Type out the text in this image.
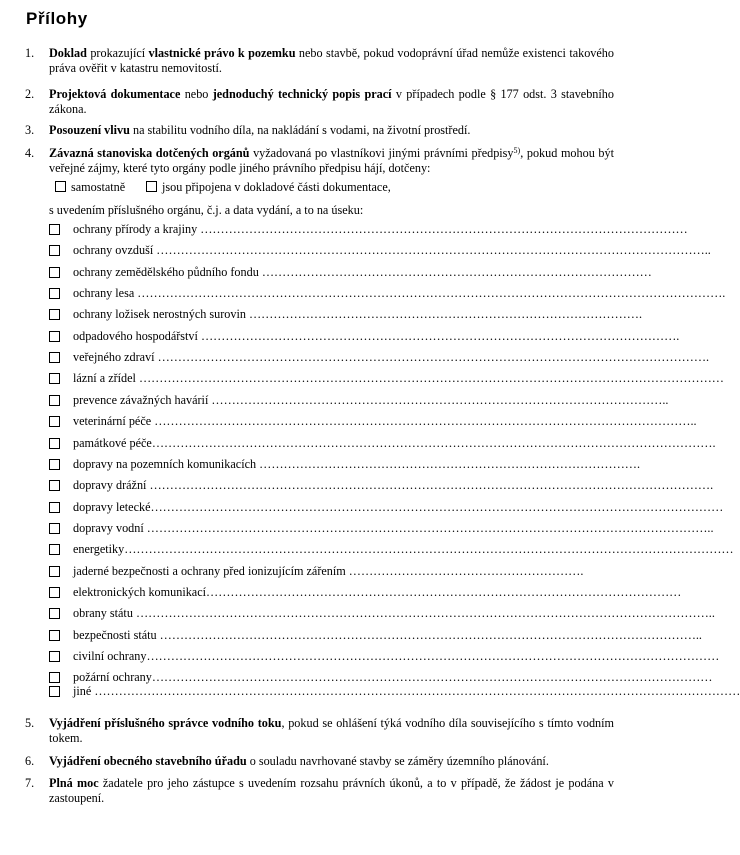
Přílohy
1. Doklad prokazující vlastnické právo k pozemku nebo stavbě, pokud vodoprávní úřad nemůže existenci takového práva ověřit v katastru nemovitostí.
2. Projektová dokumentace nebo jednoduchý technický popis prací v případech podle § 177 odst. 3 stavebního zákona.
3. Posouzení vlivu na stabilitu vodního díla, na nakládání s vodami, na životní prostředí.
4. Závazná stanoviska dotčených orgánů vyžadovaná po vlastníkovi jinými právními předpisy$^{5)}$, pokud mohou být veřejné zájmy, které tyto orgány podle jiného právního předpisu hájí, dotčeny:
samostatně	jsou připojena v dokladové části dokumentace,
s uvedením příslušného orgánu, č.j. a data vydání, a to na úseku:
ochrany přírody a krajiny …………………………………………………………………………………………………………
ochrany ovzduší ………………………………………………………………………………………………………………………..
ochrany zemědělského půdního fondu ……………………………………………………………………………………
ochrany lesa ……………………………………………………………………………………………………………………………….
ochrany ložisek nerostných surovin …………………………………………………………………………………….
odpadového hospodářství ……………………………………………………………………………………………………….
veřejného zdraví ……………………………………………………………………………………………………………………….
lázní a zřídel ………………………………………………………………………………………………………………………………
prevence závažných havárií …………………………………………………………………………………………………..
veterinární péče ……………………………………………………………………………………………………………………..
památkové péče………………………………………………………………………………………………………………………….
dopravy na pozemních komunikacích ………………………………………………………………………………….
dopravy drážní ………………………………………………………………………………………………………………………….
dopravy letecké……………………………………………………………………………………………………………………………
dopravy vodní …………………………………………………………………………………………………………………………..
energetiky……………………………………………………………………………………………………………………………………
jaderné bezpečnosti a ochrany před ionizujícím zářením ………………………………………………….
elektronických komunikací………………………………………………………………………………………………………
obrany státu ……………………………………………………………………………………………………………………………..
bezpečnosti státu ……………………………………………………………………………………………………………………..
civilní ochrany……………………………………………………………………………………………………………………………
požární ochrany…………………………………………………………………………………………………………………………
jiné ……………………………………………………………………………………………………………………………………………
5. Vyjádření příslušného správce vodního toku, pokud se ohlášení týká vodního díla souvisejícího s tímto vodním tokem.
6. Vyjádření obecného stavebního úřadu o souladu navrhované stavby se záměry územního plánování.
7. Plná moc žadatele pro jeho zástupce s uvedením rozsahu právních úkonů, a to v případě, že žádost je podána v zastoupení.
